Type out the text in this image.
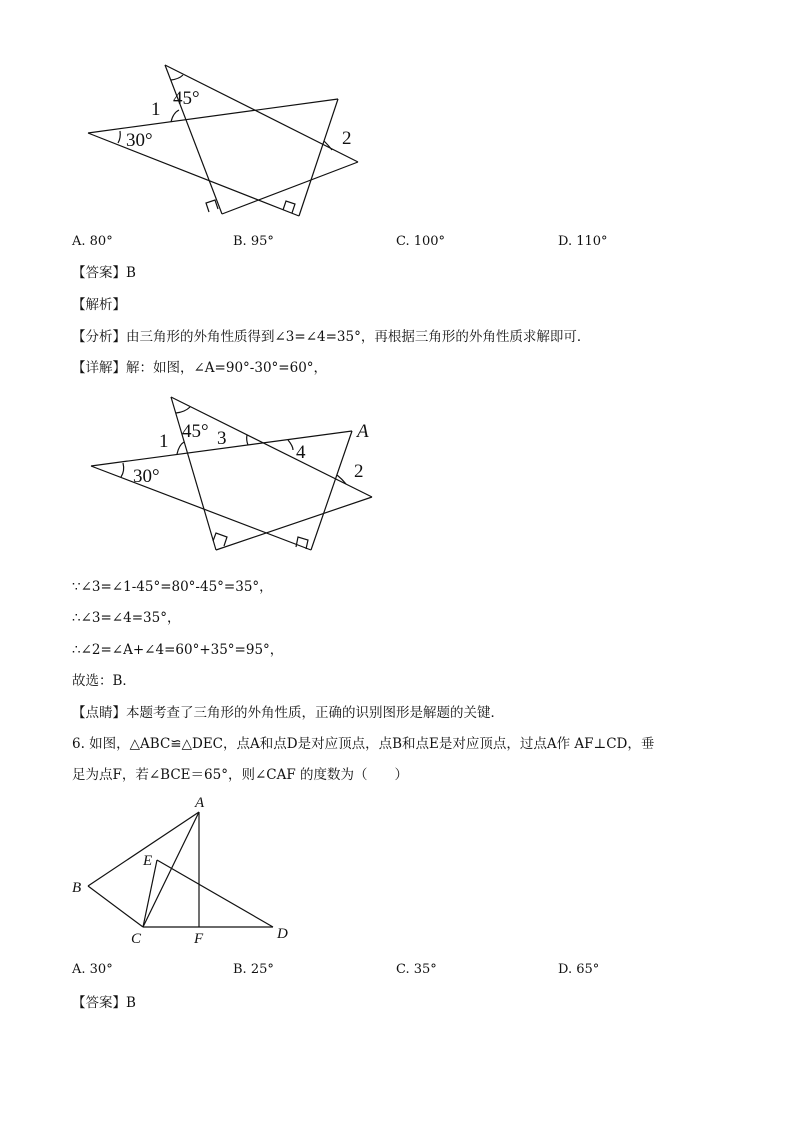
1
45°
30°	2
A. 80°	B. 95°	C. 100°	D. 110°
【答案】B
【解析】
【分析】由三角形的外角性质得到∠3=∠4=35°，再根据三角形的外角性质求解即可．
【详解】解：如图，∠A=90°-30°=60°，
1 45° 3	A
4
2
30°
∵∠3=∠1-45°=80°-45°=35°，
∴∠3=∠4=35°，
∴∠2=∠A+∠4=60°+35°=95°，
故选：B．
【点睛】本题考查了三角形的外角性质，正确的识别图形是解题的关键．
6. 如图，△ABC≌△DEC，点A和点D是对应顶点，点B和点E是对应顶点，过点A作 AF⊥CD，垂
足为点F，若∠BCE＝65°，则∠CAF 的度数为（　　）
A
B
C	D
E
F
A. 30°	B. 25°	C. 35°	D. 65°
【答案】B
